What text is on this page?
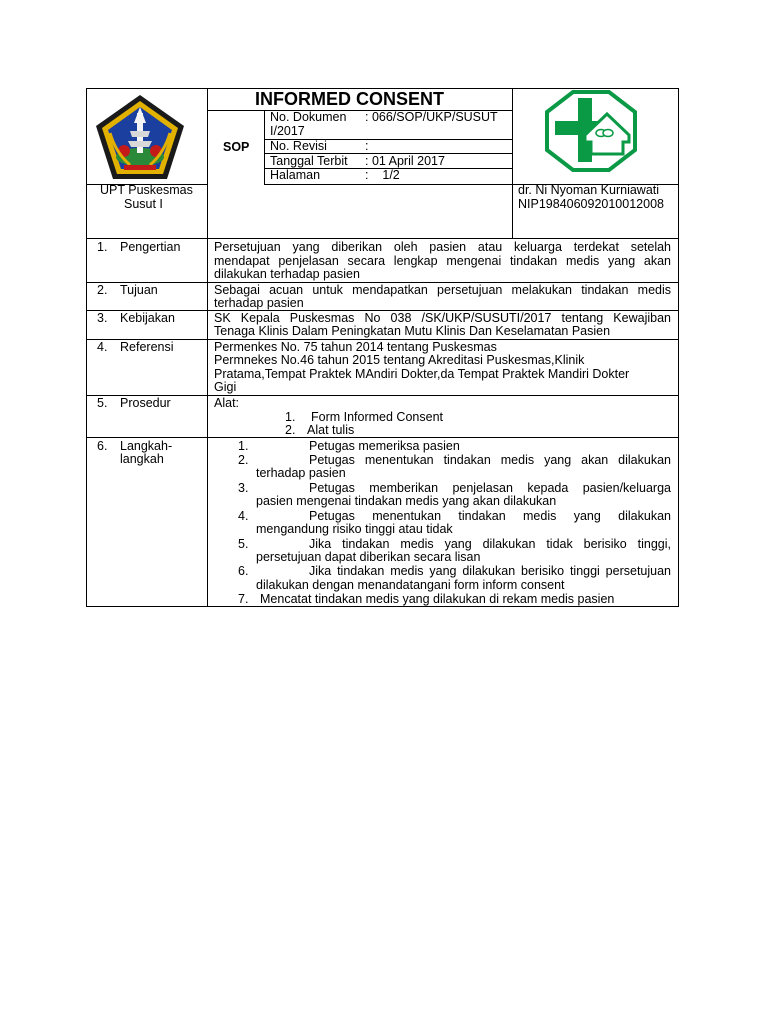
INFORMED CONSENT
SOP
No. Dokumen : 066/SOP/UKP/SUSUT
I/2017
No. Revisi	:
Tanggal Terbit : 01 April 2017
Halaman	:    1/2
UPT Puskesmas
Susut I
dr. Ni Nyoman Kurniawati
NIP198406092010012008
1. Pengertian	Persetujuan yang diberikan oleh pasien atau keluarga terdekat setelah
mendapat penjelasan secara lengkap mengenai tindakan medis yang akan
dilakukan terhadap pasien
2. Tujuan	Sebagai acuan untuk mendapatkan persetujuan melakukan tindakan medis
terhadap pasien
3. Kebijakan	SK Kepala Puskesmas No 038 /SK/UKP/SUSUTI/2017 tentang Kewajiban
Tenaga Klinis Dalam Peningkatan Mutu Klinis Dan Keselamatan Pasien
4. Referensi	Permenkes No. 75 tahun 2014 tentang Puskesmas
Permnekes No.46 tahun 2015 tentang Akreditasi Puskesmas,Klinik
Pratama,Tempat Praktek MAndiri Dokter,da Tempat Praktek Mandiri Dokter
Gigi
5. Prosedur	Alat:
1. Form Informed Consent
2. Alat tulis
6. Langkah-
langkah
1.	Petugas memeriksa pasien
2.	Petugas menentukan tindakan medis yang akan dilakukan
terhadap pasien
3.	Petugas memberikan penjelasan kepada pasien/keluarga
pasien mengenai tindakan medis yang akan dilakukan
4.	Petugas menentukan tindakan medis yang dilakukan
mengandung risiko tinggi atau tidak
5.	Jika tindakan medis yang dilakukan tidak berisiko tinggi,
persetujuan dapat diberikan secara lisan
6.	Jika tindakan medis yang dilakukan berisiko tinggi persetujuan
dilakukan dengan menandatangani form inform consent
7. Mencatat tindakan medis yang dilakukan di rekam medis pasien
